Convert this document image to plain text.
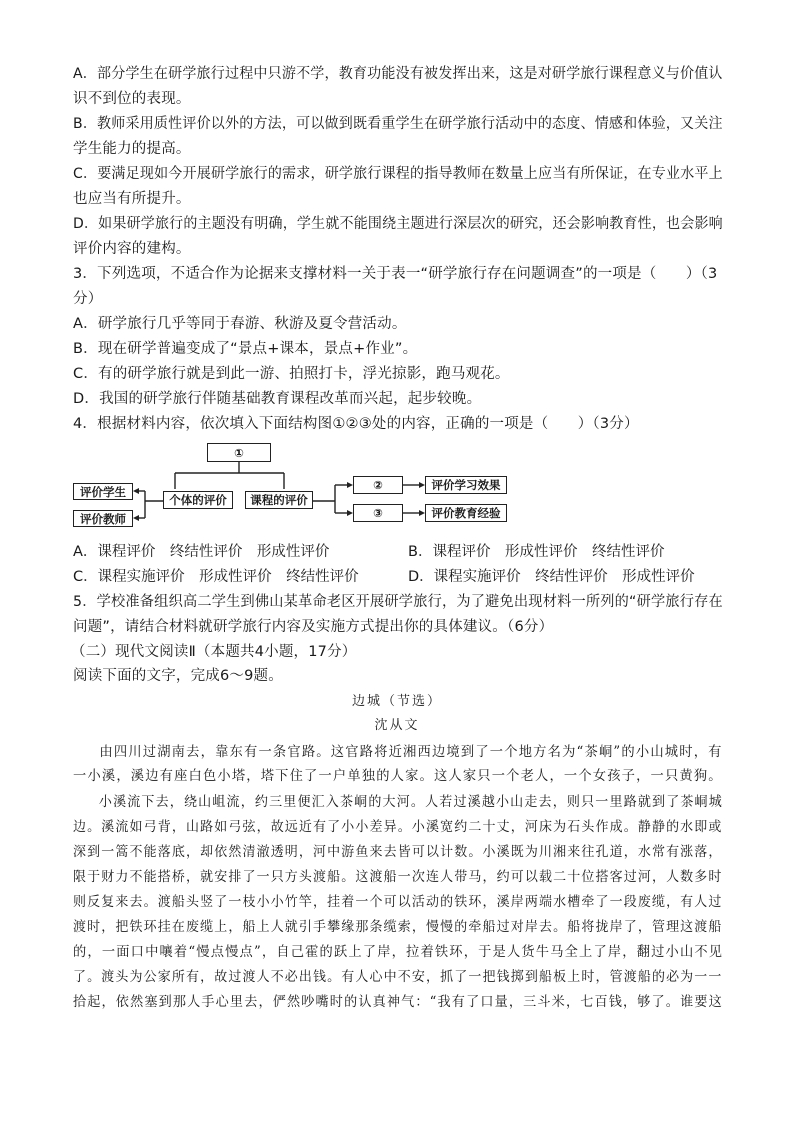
A．部分学生在研学旅行过程中只游不学，教育功能没有被发挥出来，这是对研学旅行课程意义与价值认
识不到位的表现。
B．教师采用质性评价以外的方法，可以做到既看重学生在研学旅行活动中的态度、情感和体验，又关注
学生能力的提高。
C．要满足现如今开展研学旅行的需求，研学旅行课程的指导教师在数量上应当有所保证，在专业水平上
也应当有所提升。
D．如果研学旅行的主题没有明确，学生就不能围绕主题进行深层次的研究，还会影响教育性，也会影响
评价内容的建构。
3．下列选项，不适合作为论据来支撑材料一关于表一“研学旅行存在问题调查”的一项是（　　）（3
分）
A．研学旅行几乎等同于春游、秋游及夏令营活动。
B．现在研学普遍变成了“景点+课本，景点+作业”。
C．有的研学旅行就是到此一游、拍照打卡，浮光掠影，跑马观花。
D．我国的研学旅行伴随基础教育课程改革而兴起，起步较晚。
4．根据材料内容，依次填入下面结构图①②③处的内容，正确的一项是（　　）（3分）
①
评价学生
评价教师
个体的评价	课程的评价
②
③
评价学习效果
评价教育经验
A．课程评价　终结性评价　形成性评价	B．课程评价　形成性评价　终结性评价
C．课程实施评价　形成性评价　终结性评价	D．课程实施评价　终结性评价　形成性评价
5．学校准备组织高二学生到佛山某革命老区开展研学旅行，为了避免出现材料一所列的“研学旅行存在
问题”，请结合材料就研学旅行内容及实施方式提出你的具体建议。（6分）
（二）现代文阅读Ⅱ（本题共4小题，17分）
阅读下面的文字，完成6～9题。
边城（节选）
沈从文
由四川过湖南去，靠东有一条官路。这官路将近湘西边境到了一个地方名为“茶峒”的小山城时，有
一小溪，溪边有座白色小塔，塔下住了一户单独的人家。这人家只一个老人，一个女孩子，一只黄狗。
小溪流下去，绕山岨流，约三里便汇入茶峒的大河。人若过溪越小山走去，则只一里路就到了茶峒城
边。溪流如弓背，山路如弓弦，故远近有了小小差异。小溪宽约二十丈，河床为石头作成。静静的水即或
深到一篙不能落底，却依然清澈透明，河中游鱼来去皆可以计数。小溪既为川湘来往孔道，水常有涨落，
限于财力不能搭桥，就安排了一只方头渡船。这渡船一次连人带马，约可以载二十位搭客过河，人数多时
则反复来去。渡船头竖了一枝小小竹竿，挂着一个可以活动的铁环，溪岸两端水槽牵了一段废缆，有人过
渡时，把铁环挂在废缆上，船上人就引手攀缘那条缆索，慢慢的牵船过对岸去。船将拢岸了，管理这渡船
的，一面口中嚷着“慢点慢点”，自己霍的跃上了岸，拉着铁环，于是人货牛马全上了岸，翻过小山不见
了。渡头为公家所有，故过渡人不必出钱。有人心中不安，抓了一把钱掷到船板上时，管渡船的必为一一
拾起，依然塞到那人手心里去，俨然吵嘴时的认真神气：“我有了口量，三斗米，七百钱，够了。谁要这
